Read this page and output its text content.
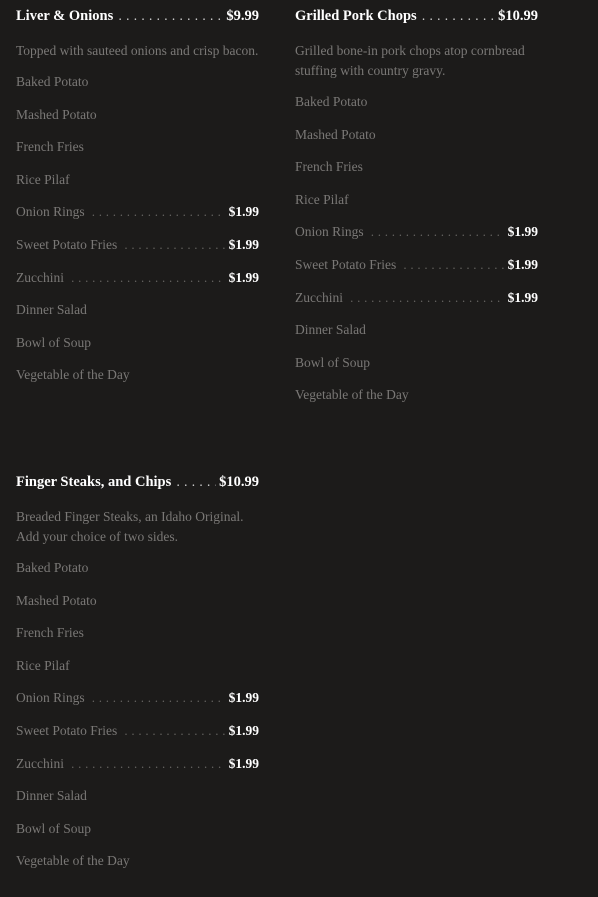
Liver & Onions . . .	$9.99
Topped with sauteed onions and crisp bacon.
Baked Potato
Mashed Potato
French Fries
Rice Pilaf
Onion Rings . . .	$1.99
Sweet Potato Fries . . .	$1.99
Zucchini . . .	$1.99
Dinner Salad
Bowl of Soup
Vegetable of the Day
Grilled Pork Chops . . .	$10.99
Grilled bone-in pork chops atop cornbread stuffing with country gravy.
Baked Potato
Mashed Potato
French Fries
Rice Pilaf
Onion Rings . . .	$1.99
Sweet Potato Fries . . .	$1.99
Zucchini . . .	$1.99
Dinner Salad
Bowl of Soup
Vegetable of the Day
Finger Steaks, and Chips . . .	$10.99
Breaded Finger Steaks, an Idaho Original. Add your choice of two sides.
Baked Potato
Mashed Potato
French Fries
Rice Pilaf
Onion Rings . . .	$1.99
Sweet Potato Fries . . .	$1.99
Zucchini . . .	$1.99
Dinner Salad
Bowl of Soup
Vegetable of the Day
